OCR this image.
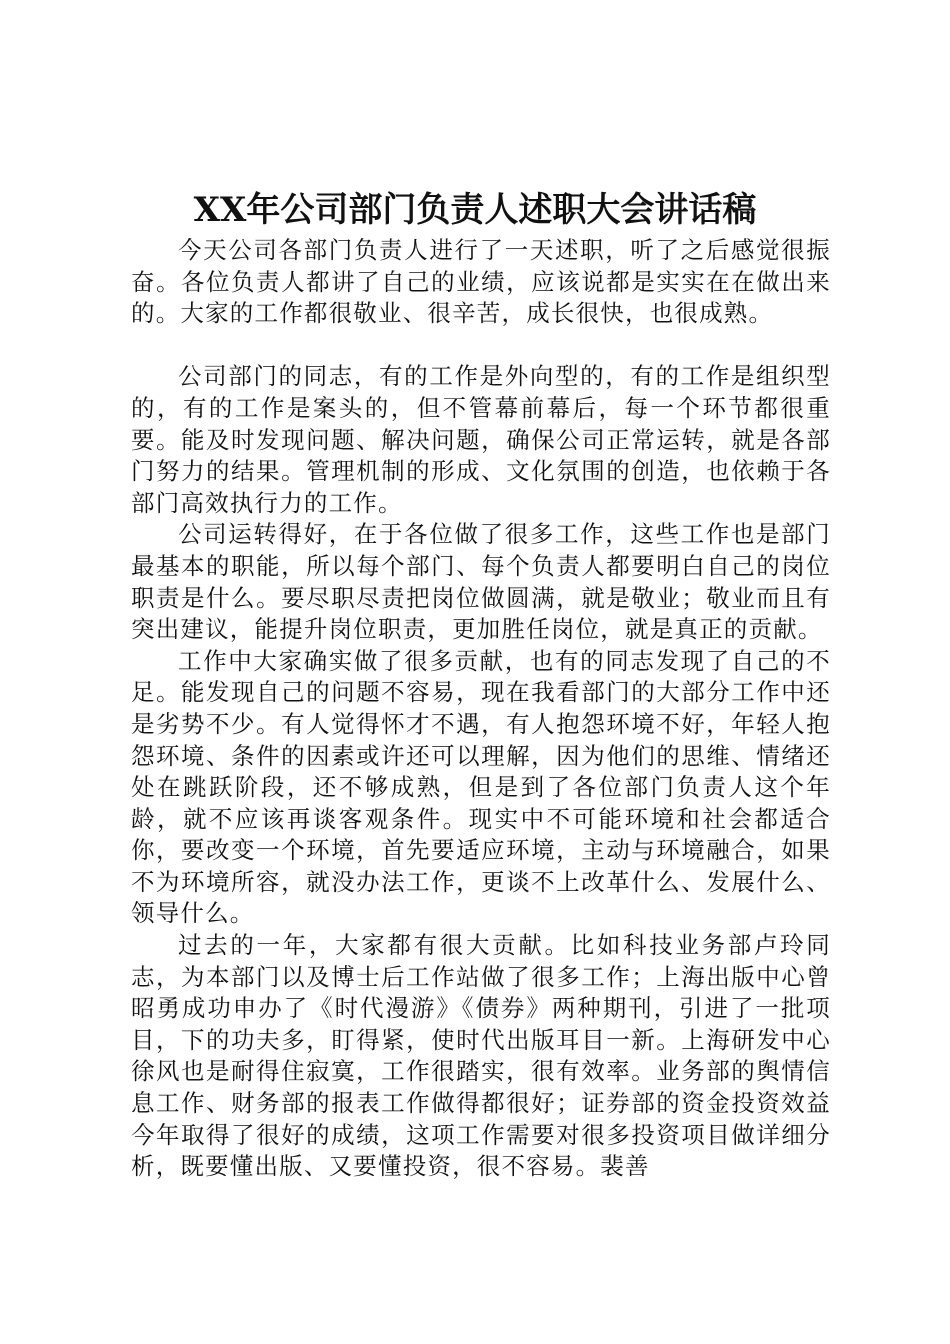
XX年公司部门负责人述职大会讲话稿

今天公司各部门负责人进行了一天述职，听了之后感觉很振奋。各位负责人都讲了自己的业绩，应该说都是实实在在做出来的。大家的工作都很敬业、很辛苦，成长很快，也很成熟。

公司部门的同志，有的工作是外向型的，有的工作是组织型的，有的工作是案头的，但不管幕前幕后，每一个环节都很重要。能及时发现问题、解决问题，确保公司正常运转，就是各部门努力的结果。管理机制的形成、文化氛围的创造，也依赖于各部门高效执行力的工作。

公司运转得好，在于各位做了很多工作，这些工作也是部门最基本的职能，所以每个部门、每个负责人都要明白自己的岗位职责是什么。要尽职尽责把岗位做圆满，就是敬业；敬业而且有突出建议，能提升岗位职责，更加胜任岗位，就是真正的贡献。

工作中大家确实做了很多贡献，也有的同志发现了自己的不足。能发现自己的问题不容易，现在我看部门的大部分工作中还是劣势不少。有人觉得怀才不遇，有人抱怨环境不好，年轻人抱怨环境、条件的因素或许还可以理解，因为他们的思维、情绪还处在跳跃阶段，还不够成熟，但是到了各位部门负责人这个年龄，就不应该再谈客观条件。现实中不可能环境和社会都适合你，要改变一个环境，首先要适应环境，主动与环境融合，如果不为环境所容，就没办法工作，更谈不上改革什么、发展什么、领导什么。

过去的一年，大家都有很大贡献。比如科技业务部卢玲同志，为本部门以及博士后工作站做了很多工作；上海出版中心曾昭勇成功申办了《时代漫游》《债券》两种期刊，引进了一批项目，下的功夫多，盯得紧，使时代出版耳目一新。上海研发中心徐风也是耐得住寂寞，工作很踏实，很有效率。业务部的舆情信息工作、财务部的报表工作做得都很好；证券部的资金投资效益今年取得了很好的成绩，这项工作需要对很多投资项目做详细分析，既要懂出版、又要懂投资，很不容易。裴善
